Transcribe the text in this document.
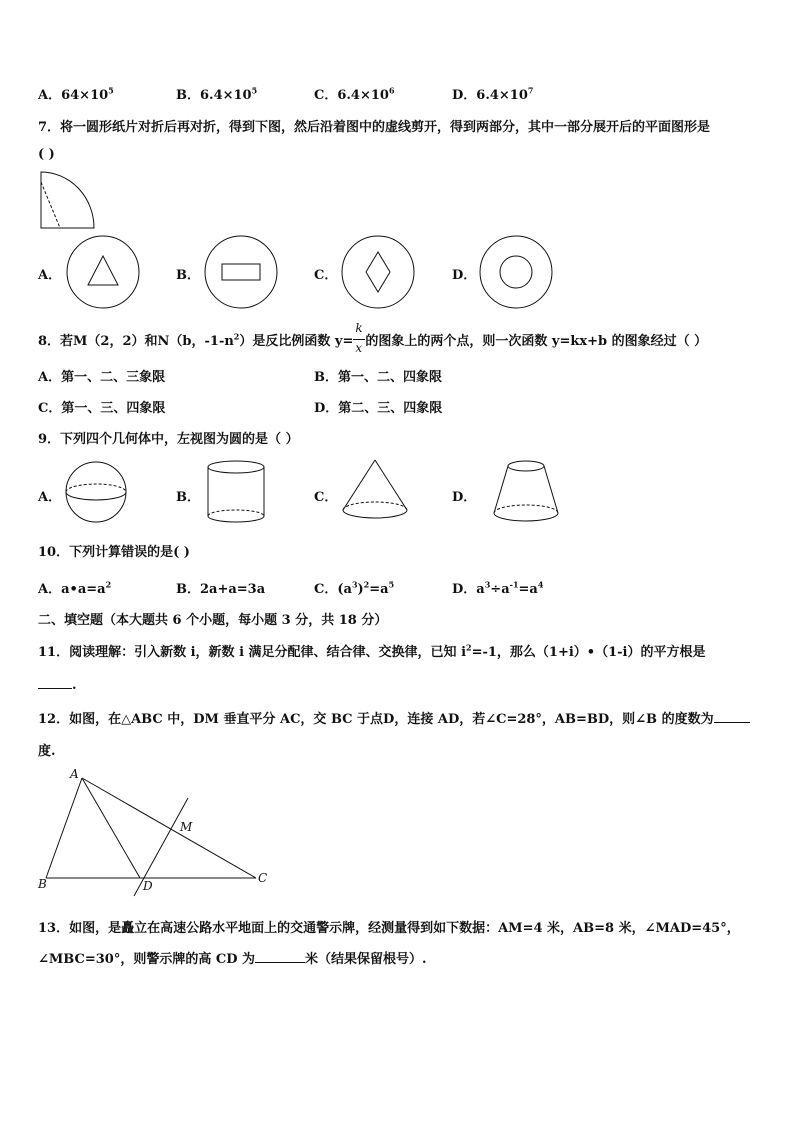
A．$64\times 10^5$	B．$6.4\times 10^5$	C．$6.4\times 10^6$	D．$6.4\times 10^7$
7．将一圆形纸片对折后再对折，得到下图，然后沿着图中的虚线剪开，得到两部分，其中一部分展开后的平面图形是
( )
A．	B．	C．	D．
8．若M（2，2）和N（b，$-1-n^2$）是反比例函数 $y= \frac{k}{x}$ 的图象上的两个点，则一次函数 y=kx+b 的图象经过（ ）
A．第一、二、三象限	B．第一、二、四象限
C．第一、三、四象限	D．第二、三、四象限
9．下列四个几何体中，左视图为圆的是（ ）
A．	B．	C．	D．
10．下列计算错误的是( )
A．$a•a=a^2$	B．2a+a=3a	C．$(a^3)^2=a^5$	D．$a^3\div a^{-1}=a^4$
二、填空题（本大题共 6 个小题，每小题 3 分，共 18 分）
11．阅读理解：引入新数 i，新数 i 满足分配律、结合律、交换律，已知 $i^2=-1$，那么（1+i）•（1-i）的平方根是
.
12．如图，在△ABC 中，DM 垂直平分 AC，交 BC 于点D，连接 AD，若∠C=28°，AB=BD，则∠B 的度数为
度.
A
B	C
D
M
13．如图，是矗立在高速公路水平地面上的交通警示牌，经测量得到如下数据：AM=4 米，AB=8 米，∠MAD=45°，
∠MBC=30°，则警示牌的高 CD 为	米（结果保留根号）.
